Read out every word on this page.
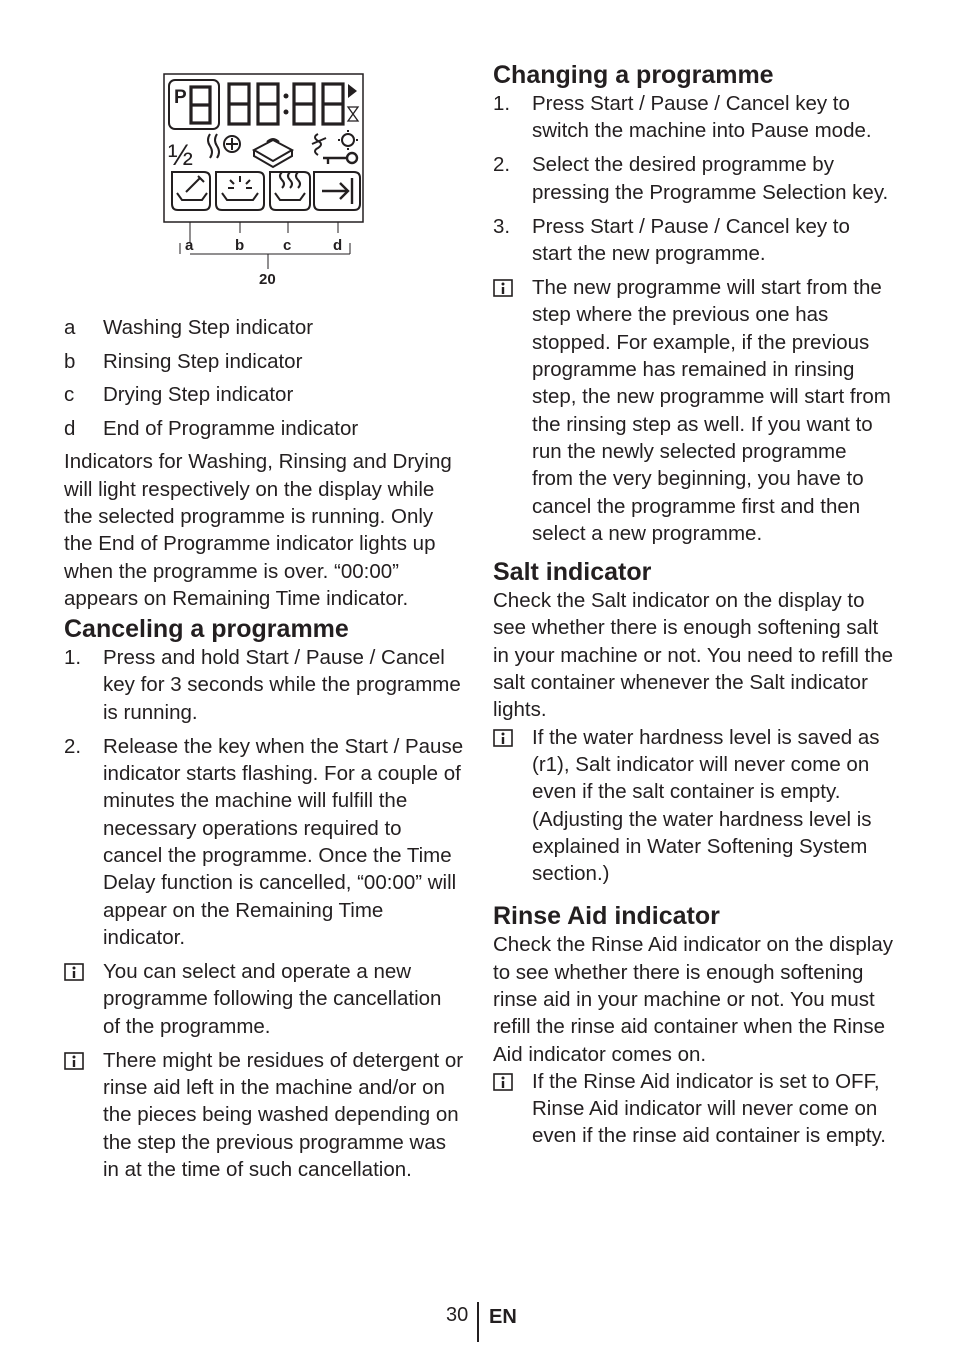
P
½
a	b	c	d
20
a	Washing Step indicator
b	Rinsing Step indicator
c	Drying Step indicator
d	End of Programme indicator

Indicators for Washing, Rinsing and Drying will light respectively on the display while the selected programme is running. Only the End of Programme indicator lights up when the programme is over. “00:00” appears on Remaining Time indicator.

Canceling a programme
1.	Press and hold Start / Pause / Cancel key for 3 seconds while the programme is running.
2.	Release the key when the Start / Pause indicator starts flashing. For a couple of minutes the machine will fulfill the necessary operations required to cancel the programme. Once the Time Delay function is cancelled, “00:00” will appear on the Remaining Time indicator.
You can select and operate a new programme following the cancellation of the programme.
There might be residues of detergent or rinse aid left in the machine and/or on the pieces being washed depending on the step the previous programme was in at the time of such cancellation.
Changing a programme
1.	Press Start / Pause / Cancel key to switch the machine into Pause mode.
2.	Select the desired programme by pressing the Programme Selection key.
3.	Press Start / Pause / Cancel key to start the new programme.
The new programme will start from the step where the previous one has stopped. For example, if the previous programme has remained in rinsing step, the new programme will start from the rinsing step as well. If you want to run the newly selected programme from the very beginning, you have to cancel the programme first and then select a new programme.
Salt indicator

Check the Salt indicator on the display to see whether there is enough softening salt in your machine or not. You need to refill the salt container whenever the Salt indicator lights.

If the water hardness level is saved as (r1), Salt indicator will never come on even if the salt container is empty. (Adjusting the water hardness level is explained in Water Softening System section.)
Rinse Aid indicator

Check the Rinse Aid indicator on the display to see whether there is enough softening rinse aid in your machine or not. You must refill the rinse aid container when the Rinse Aid indicator comes on.

If the Rinse Aid indicator is set to OFF, Rinse Aid indicator will never come on even if the rinse aid container is empty.
30 EN
